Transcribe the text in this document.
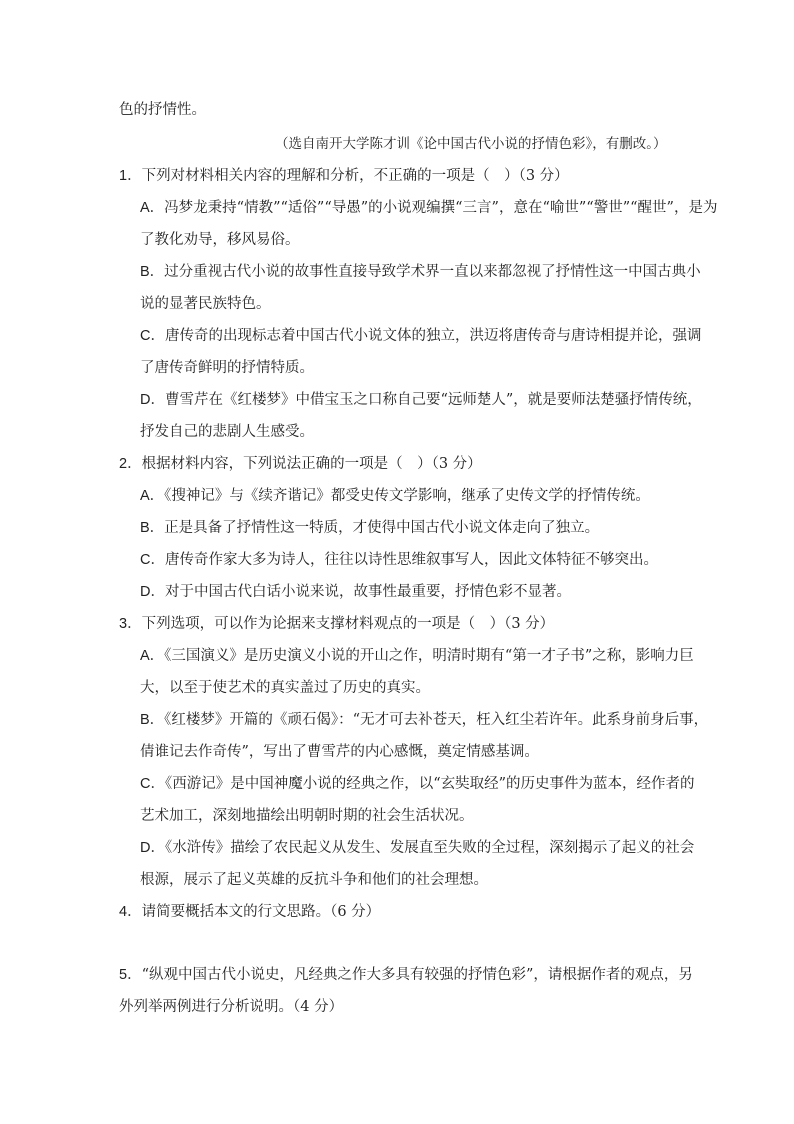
色的抒情性。
（选自南开大学陈才训《论中国古代小说的抒情色彩》，有删改。）
1．下列对材料相关内容的理解和分析，不正确的一项是（　）（3 分）
A．冯梦龙秉持“情教”“适俗”“导愚”的小说观编撰“三言”，意在“喻世”“警世”“醒世”，是为
了教化劝导，移风易俗。
B．过分重视古代小说的故事性直接导致学术界一直以来都忽视了抒情性这一中国古典小
说的显著民族特色。
C．唐传奇的出现标志着中国古代小说文体的独立，洪迈将唐传奇与唐诗相提并论，强调
了唐传奇鲜明的抒情特质。
D．曹雪芹在《红楼梦》中借宝玉之口称自己要“远师楚人”，就是要师法楚骚抒情传统，
抒发自己的悲剧人生感受。
2．根据材料内容，下列说法正确的一项是（　）（3 分）
A．《搜神记》与《续齐谐记》都受史传文学影响，继承了史传文学的抒情传统。
B．正是具备了抒情性这一特质，才使得中国古代小说文体走向了独立。
C．唐传奇作家大多为诗人，往往以诗性思维叙事写人，因此文体特征不够突出。
D．对于中国古代白话小说来说，故事性最重要，抒情色彩不显著。
3．下列选项，可以作为论据来支撑材料观点的一项是（　）（3 分）
A．《三国演义》是历史演义小说的开山之作，明清时期有“第一才子书”之称，影响力巨
大，以至于使艺术的真实盖过了历史的真实。
B．《红楼梦》开篇的《顽石偈》：“无才可去补苍天，枉入红尘若许年。此系身前身后事，
倩谁记去作奇传”，写出了曹雪芹的内心感慨，奠定情感基调。
C．《西游记》是中国神魔小说的经典之作，以“玄奘取经”的历史事件为蓝本，经作者的
艺术加工，深刻地描绘出明朝时期的社会生活状况。
D．《水浒传》描绘了农民起义从发生、发展直至失败的全过程，深刻揭示了起义的社会
根源，展示了起义英雄的反抗斗争和他们的社会理想。
4．请简要概括本文的行文思路。（6 分）
5．“纵观中国古代小说史，凡经典之作大多具有较强的抒情色彩”，请根据作者的观点，另
外列举两例进行分析说明。（4 分）
